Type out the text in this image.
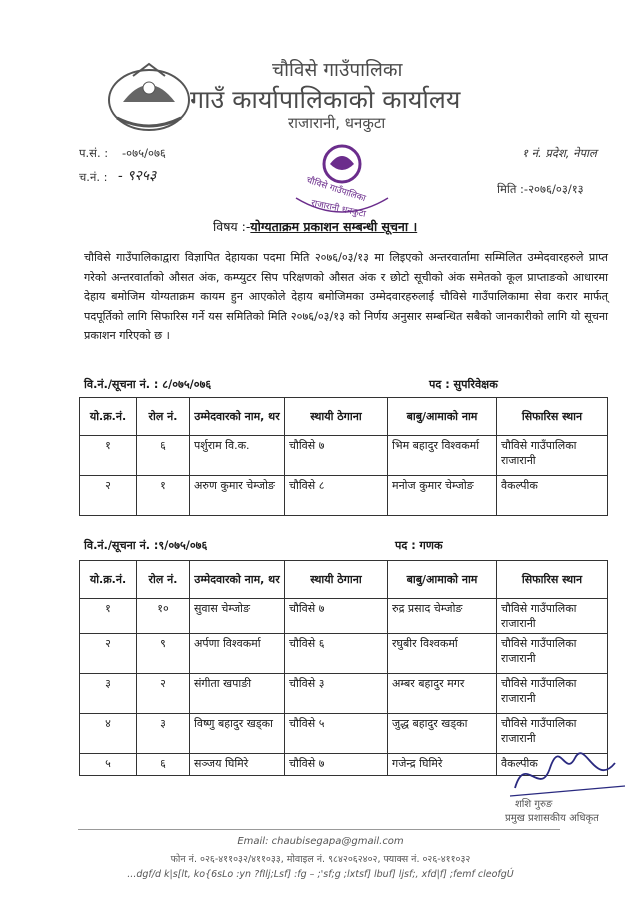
चौविसे गाउँपालिका
गाउँ कार्यापालिकाको कार्यालय
राजारानी, धनकुटा
प.सं. : -०७५/०७६
च.नं. : - ९२५३
१ नं. प्रदेश, नेपाल
मिति :-२०७६/०३/१३
चौविसे गाउँपालिका
राजारानी धनकुटा
विषय :-योग्यताक्रम प्रकाशन सम्बन्धी सूचना ।
चौविसे गाउँपालिकाद्वारा विज्ञापित देहायका पदमा मिति २०७६/०३/१३ मा लिइएको अन्तरवार्तामा सम्मिलित उम्मेदवारहरुले प्राप्त गरेको अन्तरवार्ताको औसत अंक, कम्प्युटर सिप परिक्षणको औसत अंक र छोटो सूचीको अंक समेतको कूल प्राप्ताङको आधारमा देहाय बमोजिम योग्यताक्रम कायम हुन आएकोले देहाय बमोजिमका उम्मेदवारहरुलाई चौविसे गाउँपालिकामा सेवा करार मार्फत् पदपूर्तिको लागि सिफारिस गर्ने यस समितिको मिति २०७६/०३/१३ को निर्णय अनुसार सम्बन्धित सबैको जानकारीको लागि यो सूचना प्रकाशन गरिएको छ ।
वि.नं./सूचना नं. : ८/०७५/०७६	पद : सुपरिवेक्षक
यो.क्र.नं.	रोल नं.	उम्मेदवारको नाम, थर	स्थायी ठेगाना	बाबु/आमाको नाम	सिफारिस स्थान
१	६	पर्शुराम वि.क.	चौविसे ७	भिम बहादुर विश्वकर्मा	चौविसे गाउँपालिका राजारानी
२	१	अरुण कुमार चेम्जोङ	चौविसे ८	मनोज कुमार चेम्जोङ	वैकल्पीक
वि.नं./सूचना नं. :९/०७५/०७६	पद : गणक
यो.क्र.नं.	रोल नं.	उम्मेदवारको नाम, थर	स्थायी ठेगाना	बाबु/आमाको नाम	सिफारिस स्थान
१	१०	सुवास चेम्जोङ	चौविसे ७	रुद्र प्रसाद चेम्जोङ	चौविसे गाउँपालिका राजारानी
२	९	अर्पणा विश्वकर्मा	चौविसे ६	रघुबीर विश्वकर्मा	चौविसे गाउँपालिका राजारानी
३	२	संगीता खपाङी	चौविसे ३	अम्बर बहादुर मगर	चौविसे गाउँपालिका राजारानी
४	३	विष्णु बहादुर खड्का	चौविसे ५	जुद्ध बहादुर खड्का	चौविसे गाउँपालिका राजारानी
५	६	सञ्जय घिमिरे	चौविसे ७	गजेन्द्र घिमिरे	वैकल्पीक
शशि गुरुङ
प्रमुख प्रशासकीय अधिकृत
Email: chaubisegapa@gmail.com
फोन नं. ०२६-४११०३२/४११०३३, मोवाइल नं. ९८४२०६२४०२, फ्याक्स नं. ०२६-४११०३२
...dgf/d k|s[lt, ko{6sLo :yn ?fIlj;Lsf] :fg – ;'sf;g ;lxtsf] lbuf] ljsf;, xfd|f] ;femf cleofgÚ
